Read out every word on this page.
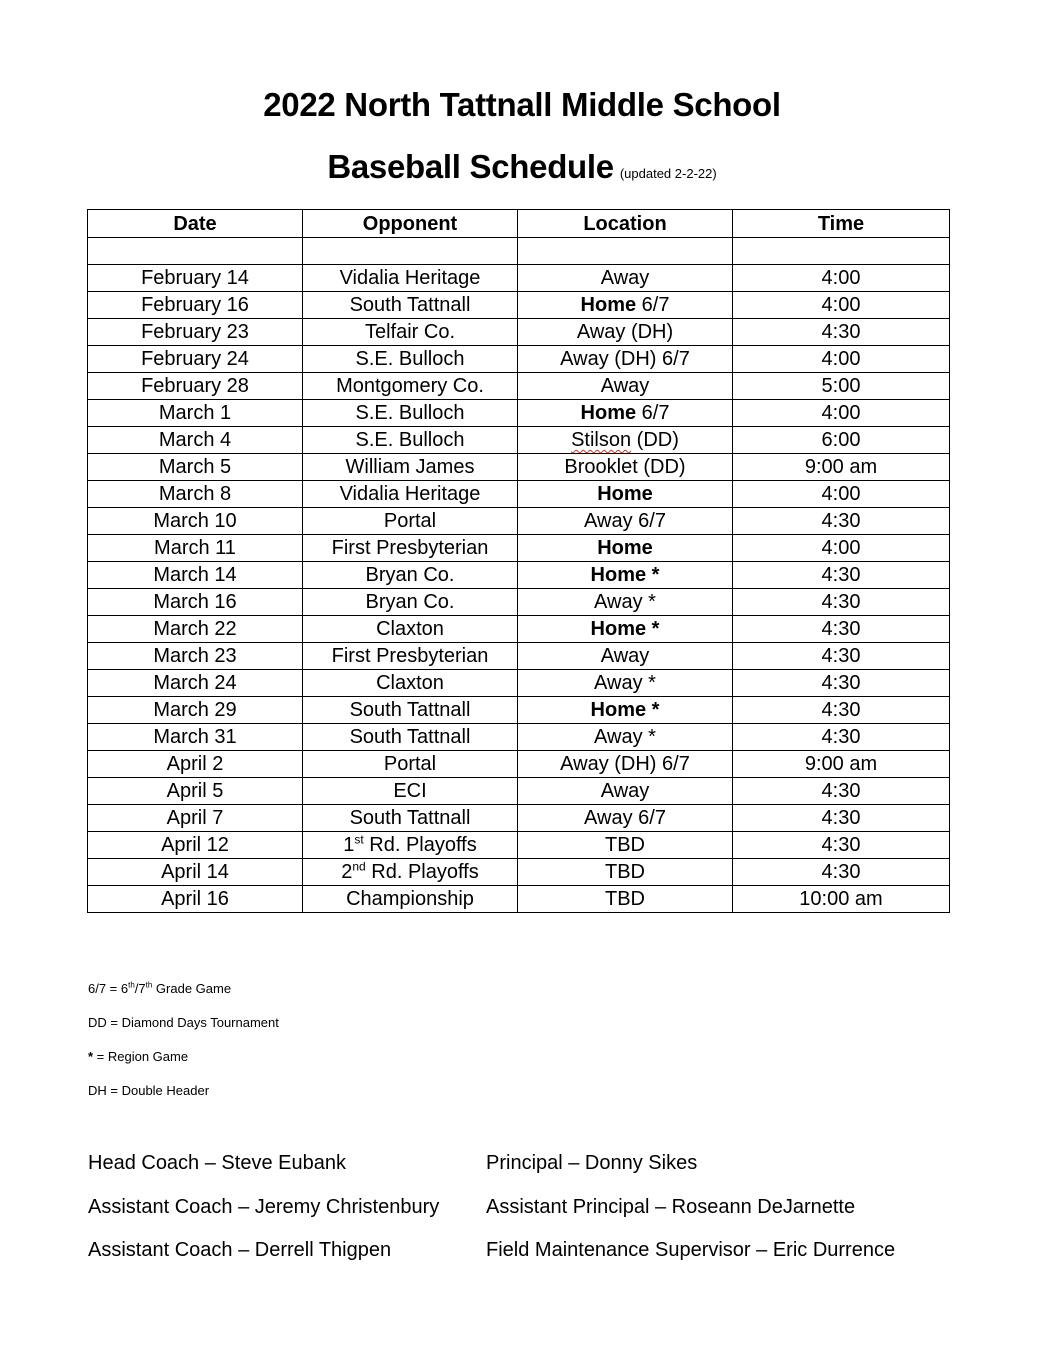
2022 North Tattnall Middle School
Baseball Schedule (updated 2-2-22)
Date	Opponent	Location	Time

February 14	Vidalia Heritage	Away	4:00
February 16	South Tattnall	Home 6/7	4:00
February 23	Telfair Co.	Away (DH)	4:30
February 24	S.E. Bulloch	Away (DH) 6/7	4:00
February 28	Montgomery Co.	Away	5:00
March 1	S.E. Bulloch	Home 6/7	4:00
March 4	S.E. Bulloch	Stilson (DD)	6:00
March 5	William James	Brooklet (DD)	9:00 am
March 8	Vidalia Heritage	Home	4:00
March 10	Portal	Away 6/7	4:30
March 11	First Presbyterian	Home	4:00
March 14	Bryan Co.	Home *	4:30
March 16	Bryan Co.	Away *	4:30
March 22	Claxton	Home *	4:30
March 23	First Presbyterian	Away	4:30
March 24	Claxton	Away *	4:30
March 29	South Tattnall	Home *	4:30
March 31	South Tattnall	Away *	4:30
April 2	Portal	Away (DH) 6/7	9:00 am
April 5	ECI	Away	4:30
April 7	South Tattnall	Away 6/7	4:30
April 12	1st Rd. Playoffs	TBD	4:30
April 14	2nd Rd. Playoffs	TBD	4:30
April 16	Championship	TBD	10:00 am
6/7 = 6th/7th Grade Game
DD = Diamond Days Tournament
* = Region Game
DH = Double Header
Head Coach – Steve Eubank
Assistant Coach – Jeremy Christenbury
Assistant Coach – Derrell Thigpen
Principal – Donny Sikes
Assistant Principal – Roseann DeJarnette
Field Maintenance Supervisor – Eric Durrence
